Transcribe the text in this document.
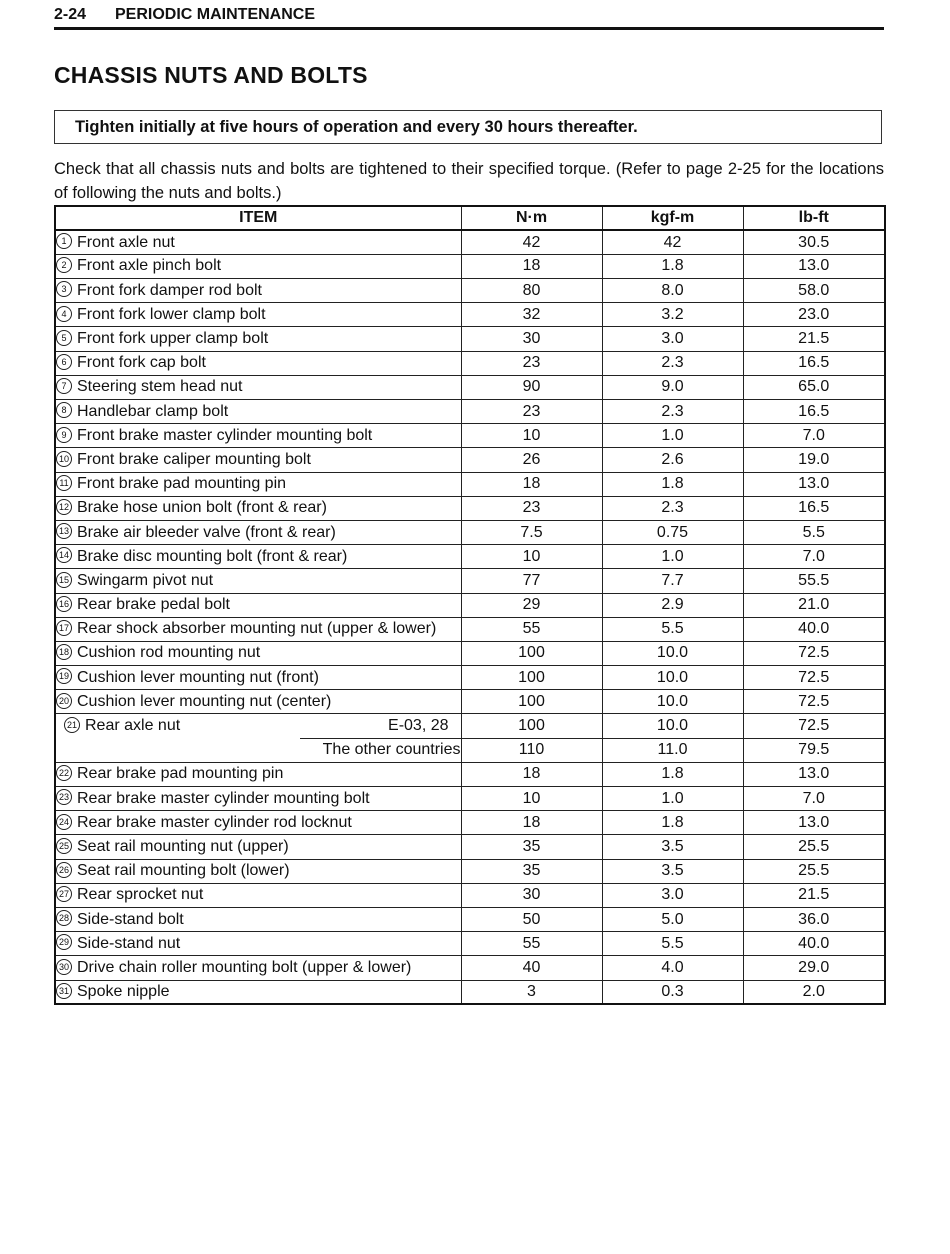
2-24	PERIODIC MAINTENANCE
CHASSIS NUTS AND BOLTS
Tighten initially at five hours of operation and every 30 hours thereafter.
Check that all chassis nuts and bolts are tightened to their specified torque. (Refer to page 2-25 for the locations of following the nuts and bolts.)
ITEM	N·m	kgf-m	lb-ft
1 Front axle nut	42	42	30.5
2 Front axle pinch bolt	18	1.8	13.0
3 Front fork damper rod bolt	80	8.0	58.0
4 Front fork lower clamp bolt	32	3.2	23.0
5 Front fork upper clamp bolt	30	3.0	21.5
6 Front fork cap bolt	23	2.3	16.5
7 Steering stem head nut	90	9.0	65.0
8 Handlebar clamp bolt	23	2.3	16.5
9 Front brake master cylinder mounting bolt	10	1.0	7.0
10 Front brake caliper mounting bolt	26	2.6	19.0
11 Front brake pad mounting pin	18	1.8	13.0
12 Brake hose union bolt (front & rear)	23	2.3	16.5
13 Brake air bleeder valve (front & rear)	7.5	0.75	5.5
14 Brake disc mounting bolt (front & rear)	10	1.0	7.0
15 Swingarm pivot nut	77	7.7	55.5
16 Rear brake pedal bolt	29	2.9	21.0
17 Rear shock absorber mounting nut (upper & lower)	55	5.5	40.0
18 Cushion rod mounting nut	100	10.0	72.5
19 Cushion lever mounting nut (front)	100	10.0	72.5
20 Cushion lever mounting nut (center)	100	10.0	72.5

21 Rear axle nut E-03, 28	100	10.0	72.5
The other countries	110	11.0	79.5
22 Rear brake pad mounting pin	18	1.8	13.0
23 Rear brake master cylinder mounting bolt	10	1.0	7.0
24 Rear brake master cylinder rod locknut	18	1.8	13.0
25 Seat rail mounting nut (upper)	35	3.5	25.5
26 Seat rail mounting bolt (lower)	35	3.5	25.5
27 Rear sprocket nut	30	3.0	21.5
28 Side-stand bolt	50	5.0	36.0
29 Side-stand nut	55	5.5	40.0
30 Drive chain roller mounting bolt (upper & lower)	40	4.0	29.0
31 Spoke nipple	3	0.3	2.0
